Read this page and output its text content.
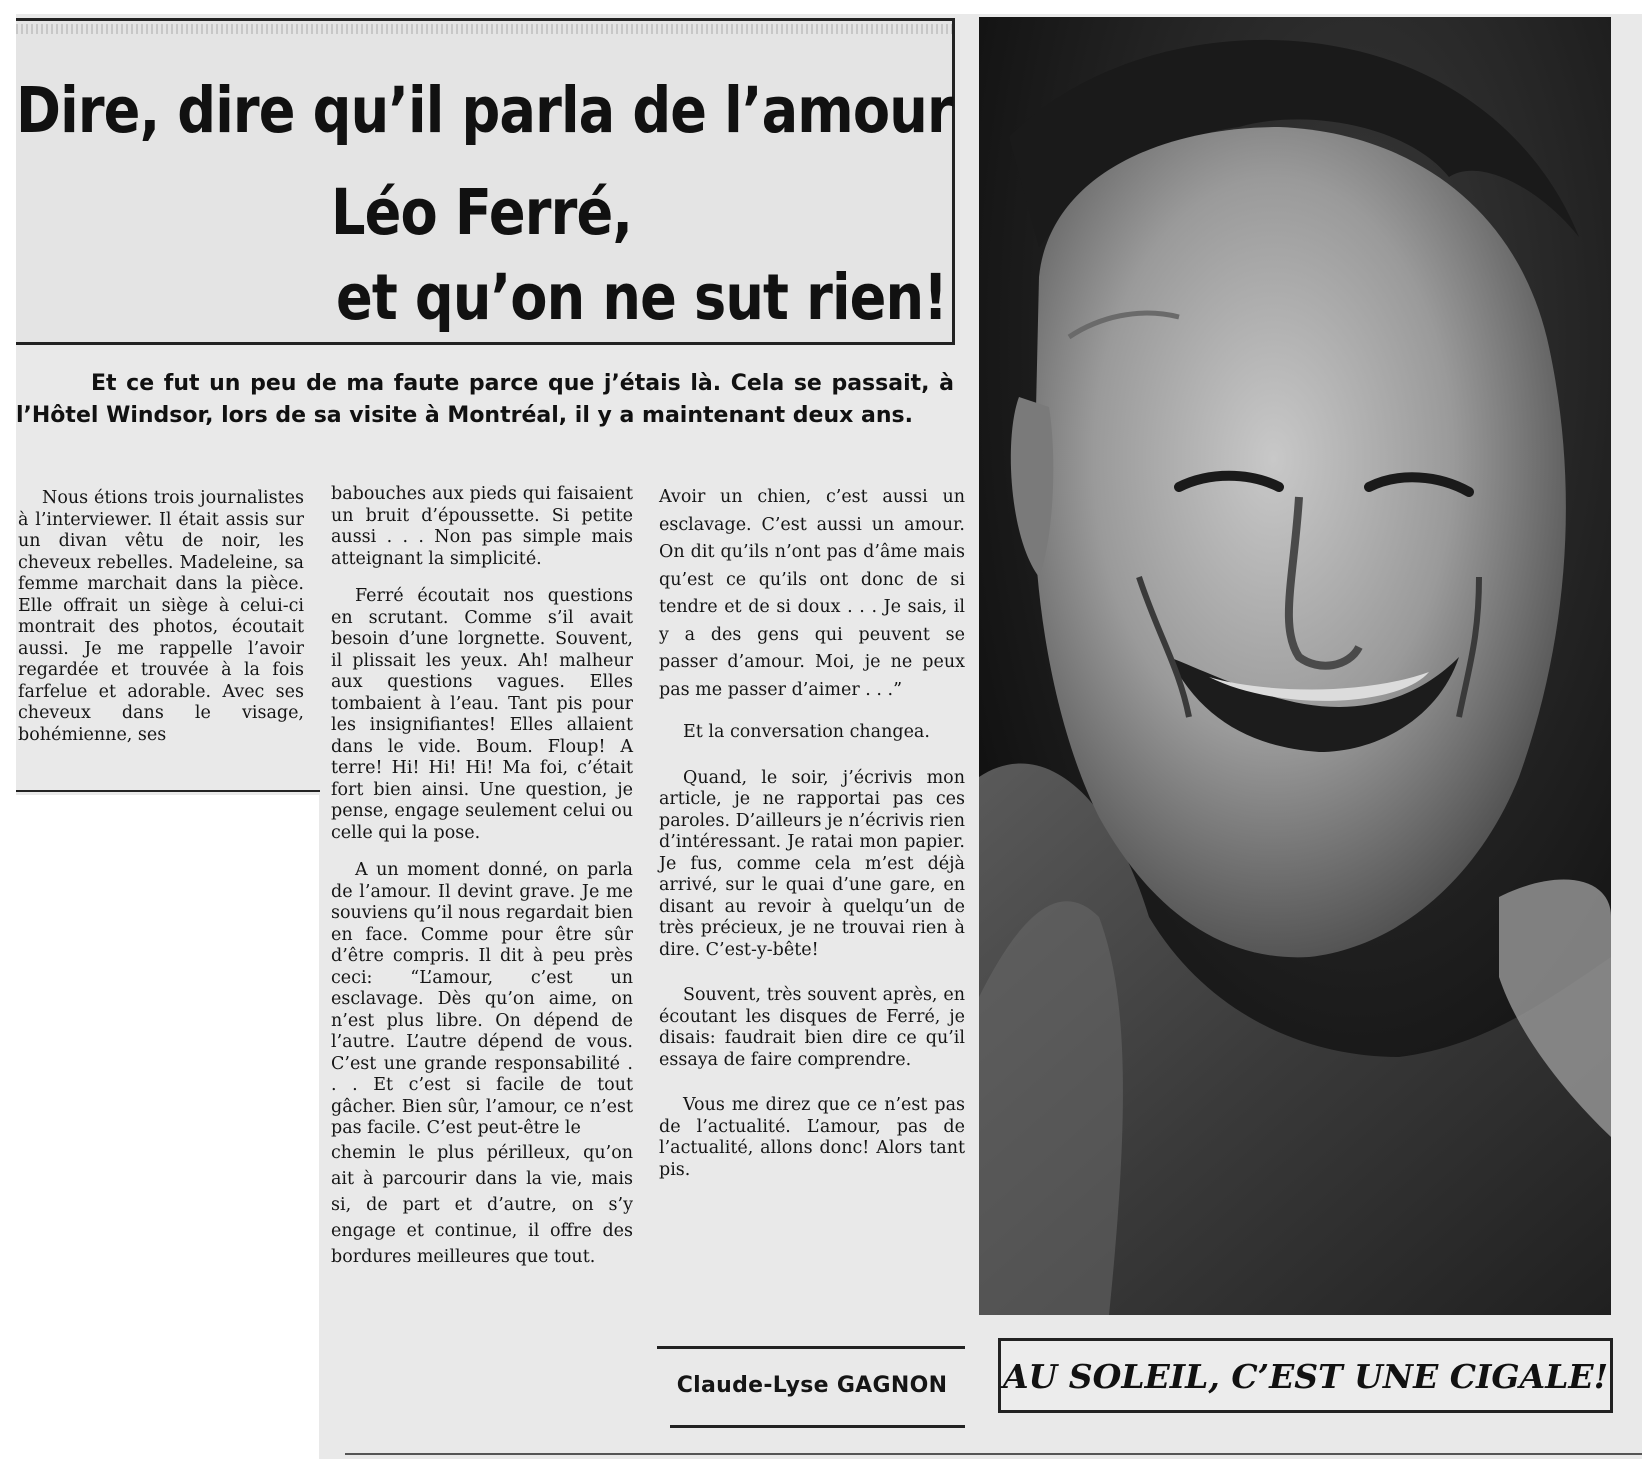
Dire, dire qu’il parla de l’amour
Léo Ferré,
et qu’on ne sut rien!

Et ce fut un peu de ma faute parce que j’étais là. Cela se passait, à l’Hôtel Windsor, lors de sa visite à Montréal, il y a maintenant deux ans.

Nous étions trois journalistes à l’interviewer. Il était assis sur un divan vêtu de noir, les cheveux rebelles. Madeleine, sa femme marchait dans la pièce. Elle offrait un siège à celui-ci montrait des photos, écoutait aussi. Je me rappelle l’avoir regardée et trouvée à la fois farfelue et adorable. Avec ses cheveux dans le visage, bohémienne, ses

babouches aux pieds qui faisaient un bruit d’époussette. Si petite aussi . . . Non pas simple mais atteignant la simplicité.

Ferré écoutait nos questions en scrutant. Comme s’il avait besoin d’une lorgnette. Souvent, il plissait les yeux. Ah! malheur aux questions vagues. Elles tombaient à l’eau. Tant pis pour les insignifiantes! Elles allaient dans le vide. Boum. Floup! A terre! Hi! Hi! Hi! Ma foi, c’était fort bien ainsi. Une question, je pense, engage seulement celui ou celle qui la pose.

A un moment donné, on parla de l’amour. Il devint grave. Je me souviens qu’il nous regardait bien en face. Comme pour être sûr d’être compris. Il dit à peu près ceci: “L’amour, c’est un esclavage. Dès qu’on aime, on n’est plus libre. On dépend de l’autre. L’autre dépend de vous. C’est une grande responsabilité . . . Et c’est si facile de tout gâcher. Bien sûr, l’amour, ce n’est pas facile. C’est peut-être le

chemin le plus périlleux, qu’on ait à parcourir dans la vie, mais si, de part et d’autre, on s’y engage et continue, il offre des bordures meilleures que tout.

Avoir un chien, c’est aussi un esclavage. C’est aussi un amour. On dit qu’ils n’ont pas d’âme mais qu’est ce qu’ils ont donc de si tendre et de si doux . . . Je sais, il y a des gens qui peuvent se passer d’amour. Moi, je ne peux pas me passer d’aimer . . .”

Et la conversation changea.

Quand, le soir, j’écrivis mon article, je ne rapportai pas ces paroles. D’ailleurs je n’écrivis rien d’intéressant. Je ratai mon papier. Je fus, comme cela m’est déjà arrivé, sur le quai d’une gare, en disant au revoir à quelqu’un de très précieux, je ne trouvai rien à dire. C’est-y-bête!

Souvent, très souvent après, en écoutant les disques de Ferré, je disais: faudrait bien dire ce qu’il essaya de faire comprendre.

Vous me direz que ce n’est pas de l’actualité. L’amour, pas de l’actualité, allons donc! Alors tant pis.

Claude-Lyse GAGNON	AU SOLEIL, C’EST UNE CIGALE!
